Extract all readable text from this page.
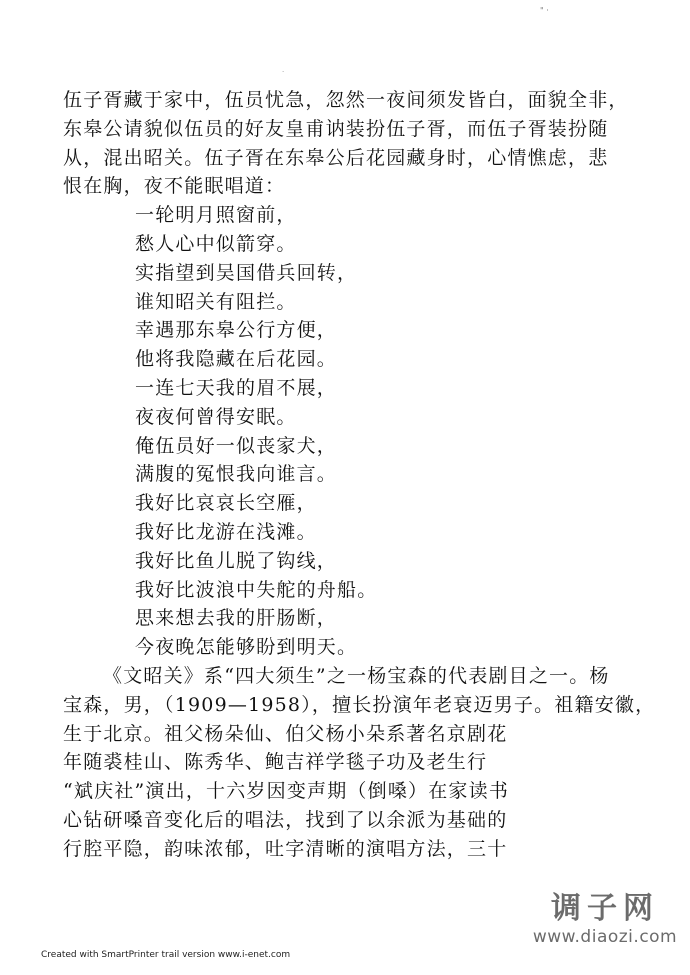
" ·
·
伍子胥藏于家中，伍员忧急，忽然一夜间须发皆白，面貌全非，
东皋公请貌似伍员的好友皇甫讷装扮伍子胥，而伍子胥装扮随
从，混出昭关。伍子胥在东皋公后花园藏身时，心情憔虑，悲
恨在胸，夜不能眠唱道：
一轮明月照窗前，
愁人心中似箭穿。
实指望到吴国借兵回转，
谁知昭关有阻拦。
幸遇那东皋公行方便，
他将我隐藏在后花园。
一连七天我的眉不展，
夜夜何曾得安眠。
俺伍员好一似丧家犬，
满腹的冤恨我向谁言。
我好比哀哀长空雁，
我好比龙游在浅滩。
我好比鱼儿脱了钩线，
我好比波浪中失舵的舟船。
思来想去我的肝肠断，
今夜晚怎能够盼到明天。
《文昭关》系“四大须生”之一杨宝森的代表剧目之一。杨
宝森，男，（1909—1958），擅长扮演年老衰迈男子。祖籍安徽，
生于北京。祖父杨朵仙、伯父杨小朵系著名京剧花
年随裘桂山、陈秀华、鲍吉祥学毯子功及老生行
“斌庆社”演出，十六岁因变声期（倒嗓）在家读书
心钻研嗓音变化后的唱法，找到了以余派为基础的
行腔平隐，韵味浓郁，吐字清晰的演唱方法，三十
调子网
www.diaozi.com
Created with SmartPrinter trail version www.i-enet.com
